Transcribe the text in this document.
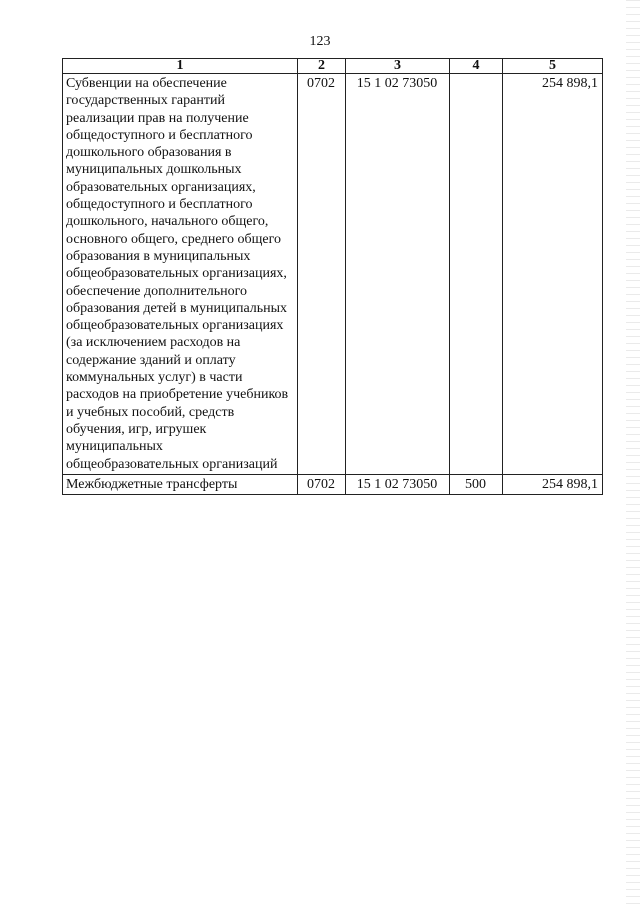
123
1	2	3	4	5
Субвенции на обеспечение государственных гарантий реализации прав на получение общедоступного и бесплатного дошкольного образования в муниципальных дошкольных образовательных организациях, общедоступного и бесплатного дошкольного, начального общего, основного общего, среднего общего образования в муниципальных общеобразовательных организациях, обеспечение дополнительного образования детей в муниципальных общеобразовательных организациях (за исключением расходов на содержание зданий и оплату коммунальных услуг) в части расходов на приобретение учебников и учебных пособий, средств обучения, игр, игрушек муниципальных общеобразовательных организаций	0702	15 1 02 73050		254 898,1
Межбюджетные трансферты	0702	15 1 02 73050	500	254 898,1
